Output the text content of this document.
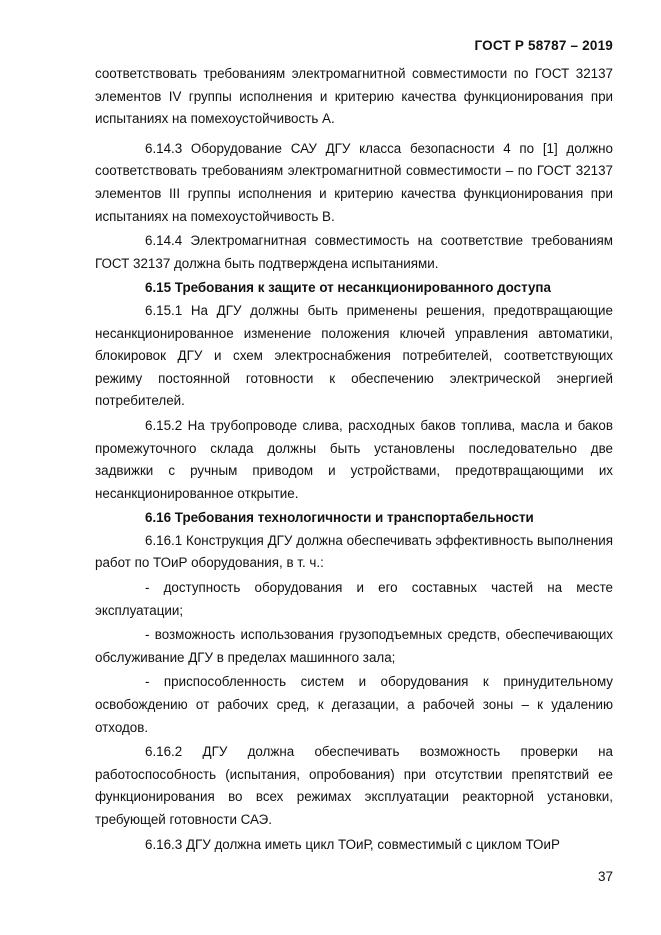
ГОСТ Р 58787 – 2019

соответствовать требованиям электромагнитной совместимости по ГОСТ 32137 элементов IV группы исполнения и критерию качества функционирования при испытаниях на помехоустойчивость А.

6.14.3 Оборудование САУ ДГУ класса безопасности 4 по [1] должно соответствовать требованиям электромагнитной совместимости – по ГОСТ 32137 элементов III группы исполнения и критерию качества функционирования при испытаниях на помехоустойчивость В.

6.14.4 Электромагнитная совместимость на соответствие требованиям ГОСТ 32137 должна быть подтверждена испытаниями.

6.15 Требования к защите от несанкционированного доступа

6.15.1 На ДГУ должны быть применены решения, предотвращающие несанкционированное изменение положения ключей управления автоматики, блокировок ДГУ и схем электроснабжения потребителей, соответствующих режиму постоянной готовности к обеспечению электрической энергией потребителей.

6.15.2 На трубопроводе слива, расходных баков топлива, масла и баков промежуточного склада должны быть установлены последовательно две задвижки с ручным приводом и устройствами, предотвращающими их несанкционированное открытие.

6.16 Требования технологичности и транспортабельности

6.16.1 Конструкция ДГУ должна обеспечивать эффективность выполнения работ по ТОиР оборудования, в т. ч.:

- доступность оборудования и его составных частей на месте эксплуатации;

- возможность использования грузоподъемных средств, обеспечивающих обслуживание ДГУ в пределах машинного зала;

- приспособленность систем и оборудования к принудительному освобождению от рабочих сред, к дегазации, а рабочей зоны – к удалению отходов.

6.16.2 ДГУ должна обеспечивать возможность проверки на работоспособность (испытания, опробования) при отсутствии препятствий ее функционирования во всех режимах эксплуатации реакторной установки, требующей готовности САЭ.

6.16.3 ДГУ должна иметь цикл ТОиР, совместимый с циклом ТОиР

37
